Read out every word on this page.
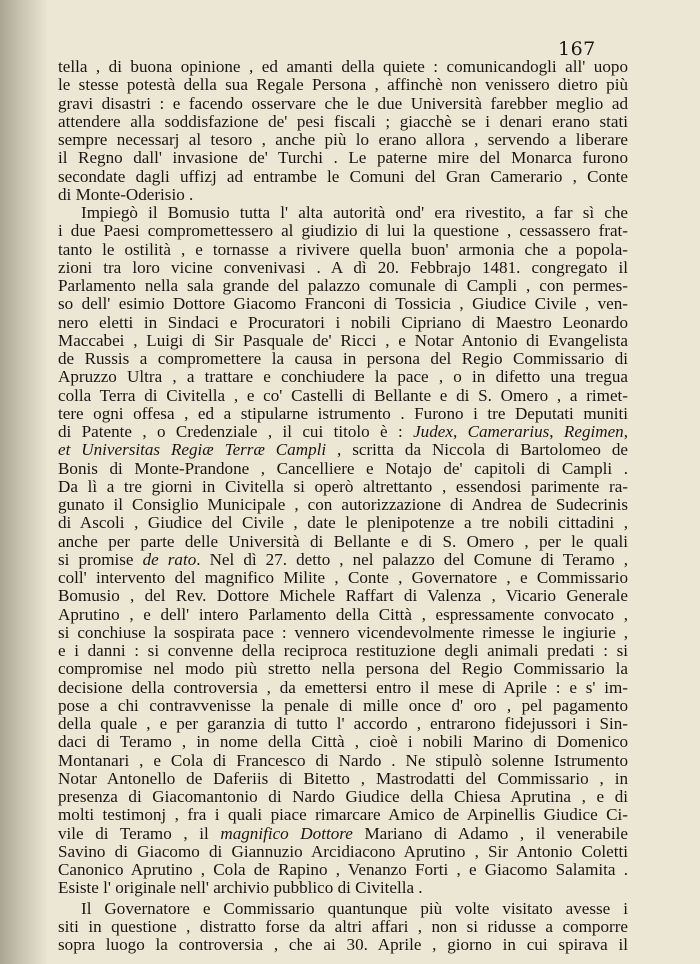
167
tella , di buona opinione , ed amanti della quiete : comunicandogli all' uopo
le stesse potestà della sua Regale Persona , affinchè non venissero dietro più
gravi disastri : e facendo osservare che le due Università farebber meglio ad
attendere alla soddisfazione de' pesi fiscali ; giacchè se i denari erano stati
sempre necessarj al tesoro , anche più lo erano allora , servendo a liberare
il Regno dall' invasione de' Turchi . Le paterne mire del Monarca furono
secondate dagli uffizj ad entrambe le Comuni del Gran Camerario , Conte
di Monte-Oderisio .
Impiegò il Bomusio tutta l' alta autorità ond' era rivestito, a far sì che
i due Paesi compromettessero al giudizio di lui la questione , cessassero frat-
tanto le ostilità , e tornasse a rivivere quella buon' armonia che a popola-
zioni tra loro vicine convenivasi . A dì 20. Febbrajo 1481. congregato il
Parlamento nella sala grande del palazzo comunale di Campli , con permes-
so dell' esimio Dottore Giacomo Franconi di Tossicia , Giudice Civile , ven-
nero eletti in Sindaci e Procuratori i nobili Cipriano di Maestro Leonardo
Maccabei , Luigi di Sir Pasquale de' Ricci , e Notar Antonio di Evangelista
de Russis a compromettere la causa in persona del Regio Commissario di
Apruzzo Ultra , a trattare e conchiudere la pace , o in difetto una tregua
colla Terra di Civitella , e co' Castelli di Bellante e di S. Omero , a rimet-
tere ogni offesa , ed a stipularne istrumento . Furono i tre Deputati muniti
di Patente , o Credenziale , il cui titolo è : Judex, Camerarius, Regimen,
et Universitas Regiæ Terræ Campli , scritta da Niccola di Bartolomeo de
Bonis di Monte-Prandone , Cancelliere e Notajo de' capitoli di Campli .
Da lì a tre giorni in Civitella si operò altrettanto , essendosi parimente ra-
gunato il Consiglio Municipale , con autorizzazione di Andrea de Sudecrinis
di Ascoli , Giudice del Civile , date le plenipotenze a tre nobili cittadini ,
anche per parte delle Università di Bellante e di S. Omero , per le quali
si promise de rato. Nel dì 27. detto , nel palazzo del Comune di Teramo ,
coll' intervento del magnifico Milite , Conte , Governatore , e Commissario
Bomusio , del Rev. Dottore Michele Raffart di Valenza , Vicario Generale
Aprutino , e dell' intero Parlamento della Città , espressamente convocato ,
si conchiuse la sospirata pace : vennero vicendevolmente rimesse le ingiurie ,
e i danni : si convenne della reciproca restituzione degli animali predati : si
compromise nel modo più stretto nella persona del Regio Commissario la
decisione della controversia , da emettersi entro il mese di Aprile : e s' im-
pose a chi contravvenisse la penale di mille once d' oro , pel pagamento
della quale , e per garanzia di tutto l' accordo , entrarono fidejussori i Sin-
daci di Teramo , in nome della Città , cioè i nobili Marino di Domenico
Montanari , e Cola di Francesco di Nardo . Ne stipulò solenne Istrumento
Notar Antonello de Daferiis di Bitetto , Mastrodatti del Commissario , in
presenza di Giacomantonio di Nardo Giudice della Chiesa Aprutina , e di
molti testimonj , fra i quali piace rimarcare Amico de Arpinellis Giudice Ci-
vile di Teramo , il magnifico Dottore Mariano di Adamo , il venerabile
Savino di Giacomo di Giannuzio Arcidiacono Aprutino , Sir Antonio Coletti
Canonico Aprutino , Cola de Rapino , Venanzo Forti , e Giacomo Salamita .
Esiste l' originale nell' archivio pubblico di Civitella .
Il Governatore e Commissario quantunque più volte visitato avesse i
siti in questione , distratto forse da altri affari , non si ridusse a comporre
sopra luogo la controversia , che ai 30. Aprile , giorno in cui spirava il
